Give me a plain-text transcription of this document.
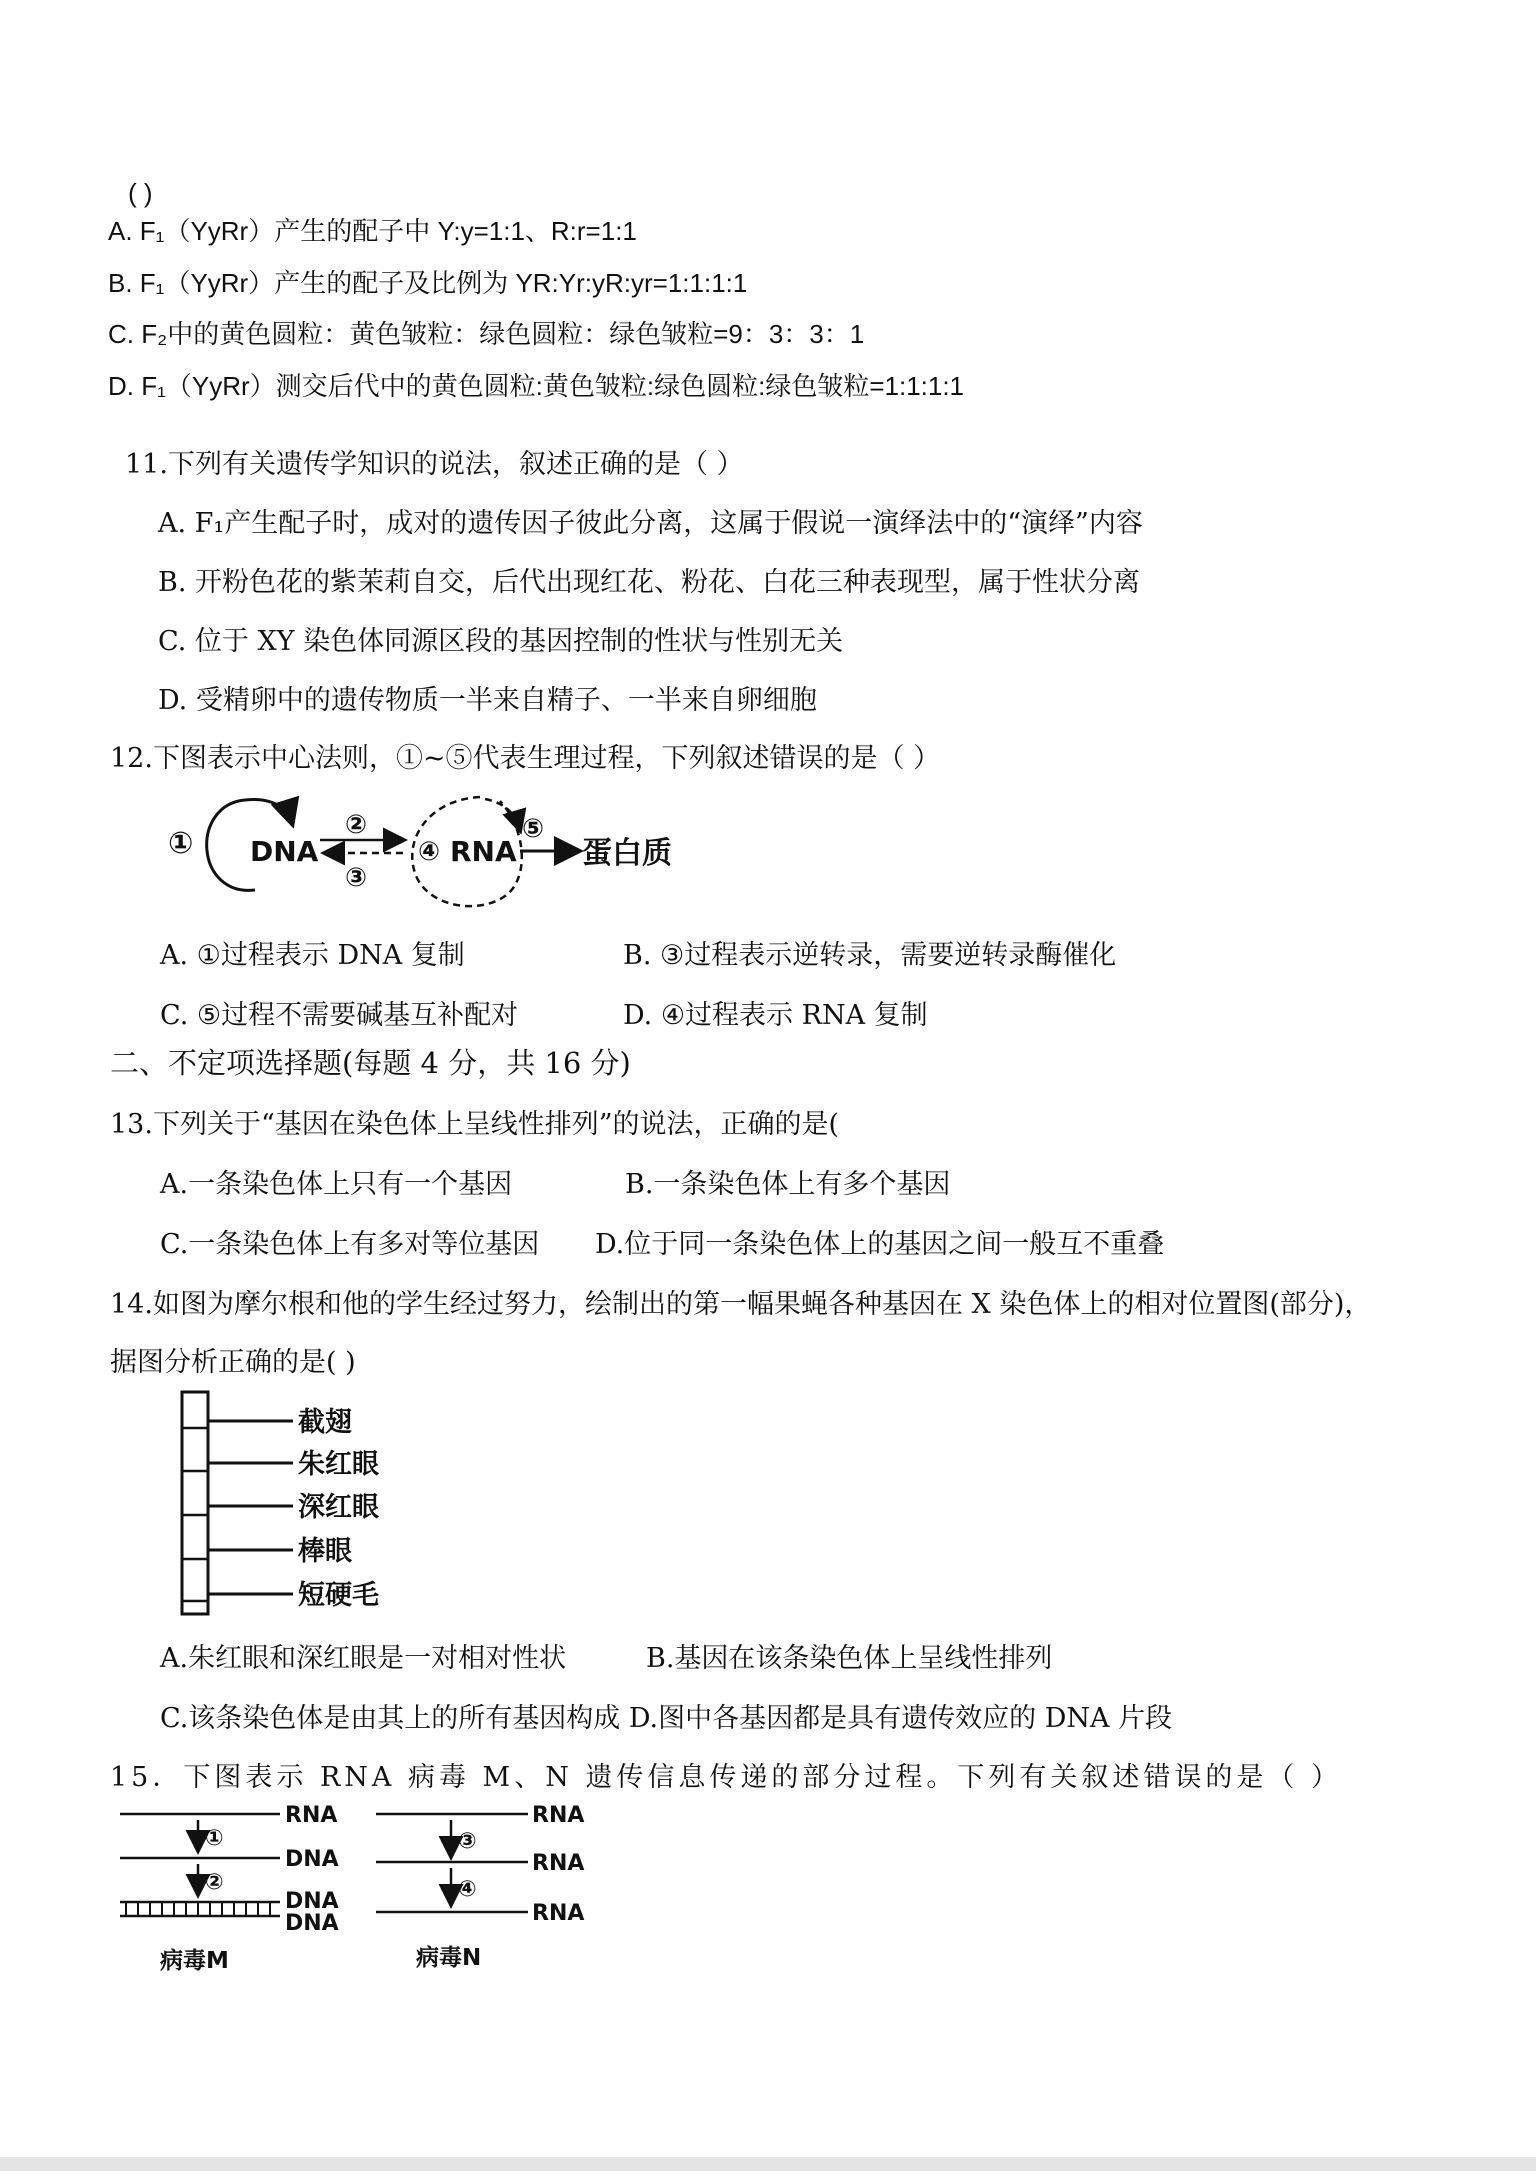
( )
A. F₁（YyRr）产生的配子中 Y:y=1:1、R:r=1:1
B. F₁（YyRr）产生的配子及比例为 YR:Yr:yR:yr=1:1:1:1
C. F₂中的黄色圆粒：黄色皱粒：绿色圆粒：绿色皱粒=9：3：3：1
D. F₁（YyRr）测交后代中的黄色圆粒:黄色皱粒:绿色圆粒:绿色皱粒=1:1:1:1
11.下列有关遗传学知识的说法，叙述正确的是（ ）
A. F₁产生配子时，成对的遗传因子彼此分离，这属于假说一演绎法中的“演绎”内容
B. 开粉色花的紫茉莉自交，后代出现红花、粉花、白花三种表现型，属于性状分离
C. 位于 XY 染色体同源区段的基因控制的性状与性别无关
D. 受精卵中的遗传物质一半来自精子、一半来自卵细胞
12.下图表示中心法则，①~⑤代表生理过程，下列叙述错误的是（ ）
① DNA
②
③
④ RNA
⑤
蛋白质
A. ①过程表示 DNA 复制	B. ③过程表示逆转录，需要逆转录酶催化
C. ⑤过程不需要碱基互补配对	D. ④过程表示 RNA 复制
二、不定项选择题(每题 4 分，共 16 分)
13.下列关于“基因在染色体上呈线性排列”的说法，正确的是(
A.一条染色体上只有一个基因	B.一条染色体上有多个基因
C.一条染色体上有多对等位基因 D.位于同一条染色体上的基因之间一般互不重叠
14.如图为摩尔根和他的学生经过努力，绘制出的第一幅果蝇各种基因在 X 染色体上的相对位置图(部分)，
据图分析正确的是( )
截翅
朱红眼
深红眼
棒眼
短硬毛
A.朱红眼和深红眼是一对相对性状	B.基因在该条染色体上呈线性排列
C.该条染色体是由其上的所有基因构成 D.图中各基因都是具有遗传效应的 DNA 片段
15．下图表示 RNA 病毒 M、N 遗传信息传递的部分过程。下列有关叙述错误的是（ ）
RNA
①
DNA
②
DNA
DNA
病毒M
RNA
③
RNA
④
RNA
病毒N
